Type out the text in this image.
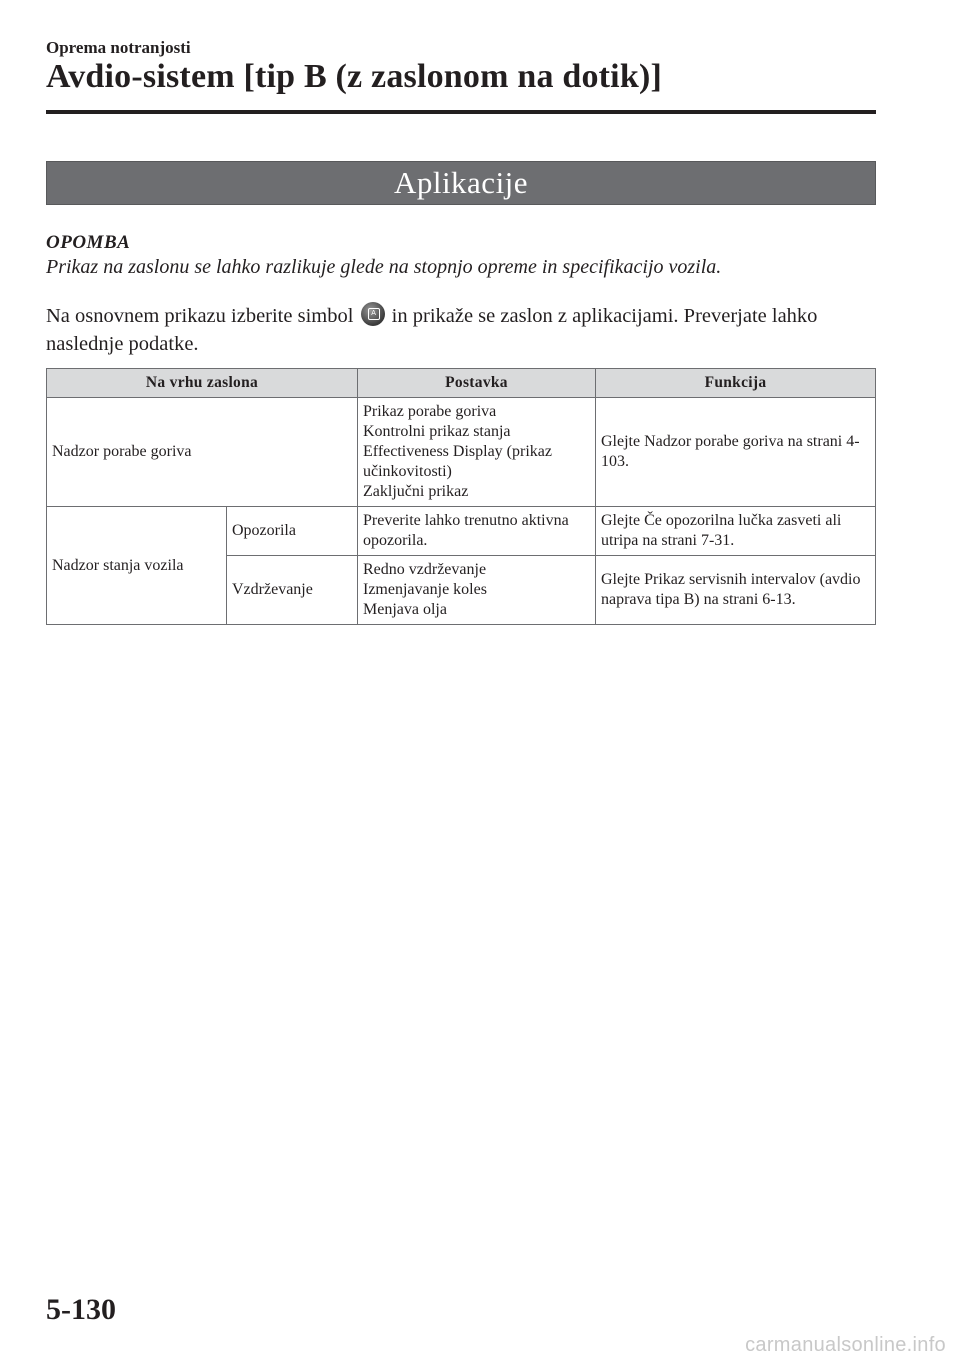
Oprema notranjosti
Avdio-sistem [tip B (z zaslonom na dotik)]
Aplikacije
OPOMBA
Prikaz na zaslonu se lahko razlikuje glede na stopnjo opreme in specifikacijo vozila.
Na osnovnem prikazu izberite simbol	A in prikaže se zaslon z aplikacijami. Preverjate lahko naslednje podatke.
Na vrhu zaslona		Postavka	Funkcija
Nadzor porabe goriva		Prikaz porabe goriva
Kontrolni prikaz stanja
Effectiveness Display (prikaz učinkovitosti)
Zaključni prikaz	Glejte Nadzor porabe goriva na strani 4-103.
Nadzor stanja vozila	Opozorila	Preverite lahko trenutno aktivna opozorila.	Glejte Če opozorilna lučka zasveti ali utripa na strani 7-31.
	Vzdrževanje	Redno vzdrževanje
Izmenjavanje koles
Menjava olja	Glejte Prikaz servisnih intervalov (avdio naprava tipa B) na strani 6-13.
5-130
carmanualsonline.info
